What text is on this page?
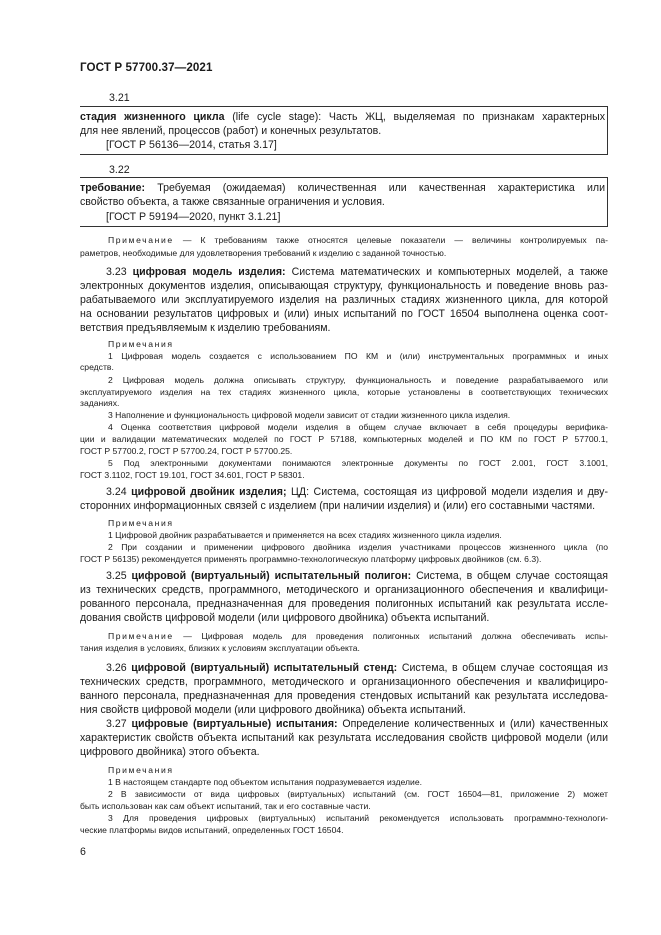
ГОСТ Р 57700.37—2021
3.21
стадия жизненного цикла (life cycle stage): Часть ЖЦ, выделяемая по признакам характерных
для нее явлений, процессов (работ) и конечных результатов.
[ГОСТ Р 56136—2014, статья 3.17]
3.22
требование: Требуемая (ожидаемая) количественная или качественная характеристика или
свойство объекта, а также связанные ограничения и условия.
[ГОСТ Р 59194—2020, пункт 3.1.21]
Примечание — К требованиям также относятся целевые показатели — величины контролируемых па-
раметров, необходимые для удовлетворения требований к изделию с заданной точностью.
3.23 цифровая модель изделия: Система математических и компьютерных моделей, а также
электронных документов изделия, описывающая структуру, функциональность и поведение вновь раз-
рабатываемого или эксплуатируемого изделия на различных стадиях жизненного цикла, для которой
на основании результатов цифровых и (или) иных испытаний по ГОСТ 16504 выполнена оценка соот-
ветствия предъявляемым к изделию требованиям.
Примечания
1 Цифровая модель создается с использованием ПО КМ и (или) инструментальных программных и иных
средств.
2 Цифровая модель должна описывать структуру, функциональность и поведение разрабатываемого или
эксплуатируемого изделия на тех стадиях жизненного цикла, которые установлены в соответствующих технических
заданиях.
3 Наполнение и функциональность цифровой модели зависит от стадии жизненного цикла изделия.
4 Оценка соответствия цифровой модели изделия в общем случае включает в себя процедуры верифика-
ции и валидации математических моделей по ГОСТ Р 57188, компьютерных моделей и ПО КМ по ГОСТ Р 57700.1,
ГОСТ Р 57700.2, ГОСТ Р 57700.24, ГОСТ Р 57700.25.
5 Под электронными документами понимаются электронные документы по ГОСТ 2.001, ГОСТ 3.1001,
ГОСТ 3.1102, ГОСТ 19.101, ГОСТ 34.601, ГОСТ Р 58301.
3.24 цифровой двойник изделия; ЦД: Система, состоящая из цифровой модели изделия и дву-
сторонних информационных связей с изделием (при наличии изделия) и (или) его составными частями.
Примечания
1 Цифровой двойник разрабатывается и применяется на всех стадиях жизненного цикла изделия.
2 При создании и применении цифрового двойника изделия участниками процессов жизненного цикла (по
ГОСТ Р 56135) рекомендуется применять программно-технологическую платформу цифровых двойников (см. 6.3).
3.25 цифровой (виртуальный) испытательный полигон: Система, в общем случае состоящая
из технических средств, программного, методического и организационного обеспечения и квалифици-
рованного персонала, предназначенная для проведения полигонных испытаний как результата иссле-
дования свойств цифровой модели (или цифрового двойника) объекта испытаний.
Примечание — Цифровая модель для проведения полигонных испытаний должна обеспечивать испы-
тания изделия в условиях, близких к условиям эксплуатации объекта.
3.26 цифровой (виртуальный) испытательный стенд: Система, в общем случае состоящая из
технических средств, программного, методического и организационного обеспечения и квалифициро-
ванного персонала, предназначенная для проведения стендовых испытаний как результата исследова-
ния свойств цифровой модели (или цифрового двойника) объекта испытаний.
3.27 цифровые (виртуальные) испытания: Определение количественных и (или) качественных
характеристик свойств объекта испытаний как результата исследования свойств цифровой модели (или
цифрового двойника) этого объекта.
Примечания
1 В настоящем стандарте под объектом испытания подразумевается изделие.
2 В зависимости от вида цифровых (виртуальных) испытаний (см. ГОСТ 16504—81, приложение 2) может
быть использован как сам объект испытаний, так и его составные части.
3 Для проведения цифровых (виртуальных) испытаний рекомендуется использовать программно-технологи-
ческие платформы видов испытаний, определенных ГОСТ 16504.
6
